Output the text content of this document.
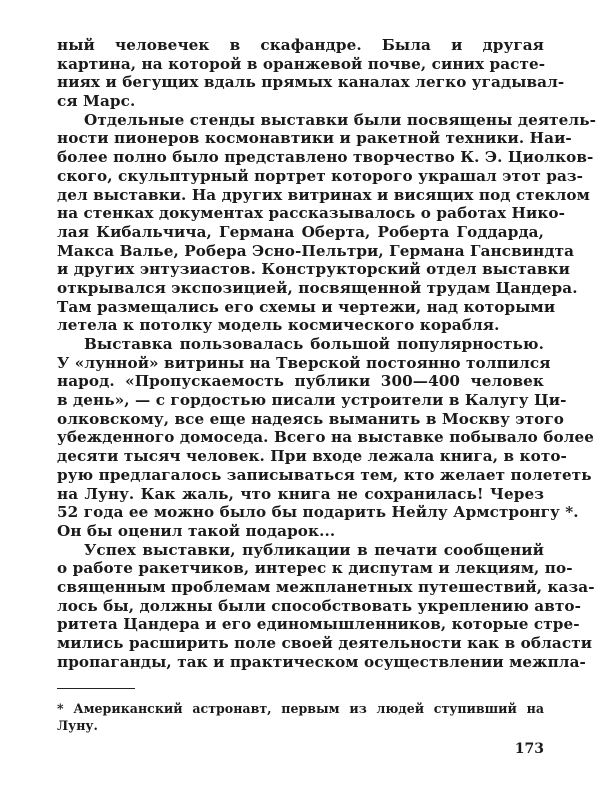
ный человечек в скафандре. Была и другая
картина, на которой в оранжевой почве, синих расте-
ниях и бегущих вдаль прямых каналах легко угадывал-
ся Марс.
Отдельные стенды выставки были посвящены деятель-
ности пионеров космонавтики и ракетной техники. Наи-
более полно было представлено творчество К. Э. Циолков-
ского, скульптурный портрет которого украшал этот раз-
дел выставки. На других витринах и висящих под стеклом
на стенках документах рассказывалось о работах Нико-
лая Кибальчича, Германа Оберта, Роберта Годдарда,
Макса Валье, Робера Эсно-Пельтри, Германа Гансвиндта
и других энтузиастов. Конструкторский отдел выставки
открывался экспозицией, посвященной трудам Цандера.
Там размещались его схемы и чертежи, над которыми
летела к потолку модель космического корабля.
Выставка пользовалась большой популярностью.
У «лунной» витрины на Тверской постоянно толпился
народ. «Пропускаемость публики 300—400 человек
в день», — с гордостью писали устроители в Калугу Ци-
олковскому, все еще надеясь выманить в Москву этого
убежденного домоседа. Всего на выставке побывало более
десяти тысяч человек. При входе лежала книга, в кото-
рую предлагалось записываться тем, кто желает полететь
на Луну. Как жаль, что книга не сохранилась! Через
52 года ее можно было бы подарить Нейлу Армстронгу *.
Он бы оценил такой подарок...
Успех выставки, публикации в печати сообщений
о работе ракетчиков, интерес к диспутам и лекциям, по-
священным проблемам межпланетных путешествий, каза-
лось бы, должны были способствовать укреплению авто-
ритета Цандера и его единомышленников, которые стре-
мились расширить поле своей деятельности как в области
пропаганды, так и практическом осуществлении межпла-
* Американский астронавт, первым из людей ступивший на
Луну.
173
